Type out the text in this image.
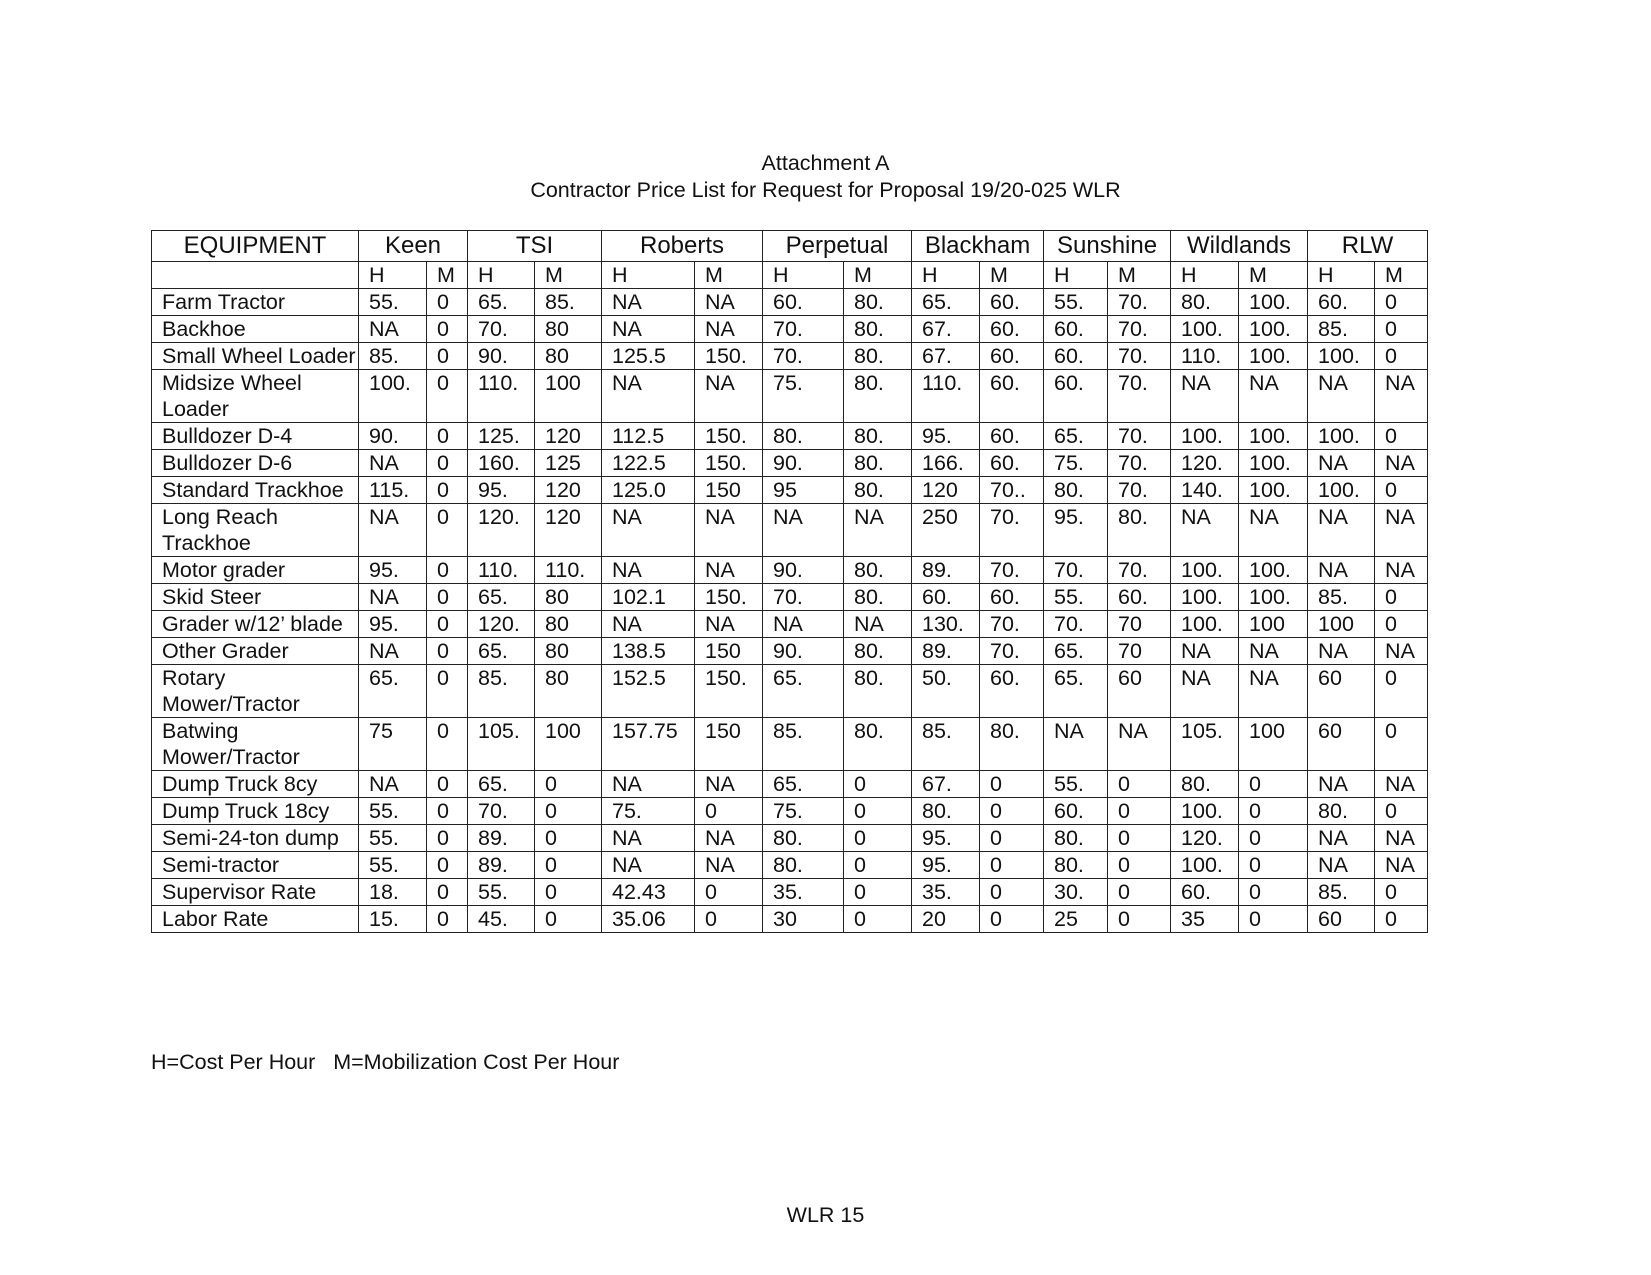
Attachment A
Contractor Price List for Request for Proposal 19/20-025 WLR
EQUIPMENT	Keen		TSI		Roberts		Perpetual		Blackham		Sunshine		Wildlands		RLW	
	H	M	H	M	H	M	H	M	H	M	H	M	H	M	H	M
Farm Tractor	55.	0	65.	85.	NA	NA	60.	80.	65.	60.	55.	70.	80.	100.	60.	0
Backhoe	NA	0	70.	80	NA	NA	70.	80.	67.	60.	60.	70.	100.	100.	85.	0
Small Wheel Loader	85.	0	90.	80	125.5	150.	70.	80.	67.	60.	60.	70.	110.	100.	100.	0
Midsize Wheel Loader	100.	0	110.	100	NA	NA	75.	80.	110.	60.	60.	70.	NA	NA	NA	NA
Bulldozer D-4	90.	0	125.	120	112.5	150.	80.	80.	95.	60.	65.	70.	100.	100.	100.	0
Bulldozer D-6	NA	0	160.	125	122.5	150.	90.	80.	166.	60.	75.	70.	120.	100.	NA	NA
Standard Trackhoe	115.	0	95.	120	125.0	150	95	80.	120	70..	80.	70.	140.	100.	100.	0
Long Reach Trackhoe	NA	0	120.	120	NA	NA	NA	NA	250	70.	95.	80.	NA	NA	NA	NA
Motor grader	95.	0	110.	110.	NA	NA	90.	80.	89.	70.	70.	70.	100.	100.	NA	NA
Skid Steer	NA	0	65.	80	102.1	150.	70.	80.	60.	60.	55.	60.	100.	100.	85.	0
Grader w/12’ blade	95.	0	120.	80	NA	NA	NA	NA	130.	70.	70.	70	100.	100	100	0
Other Grader	NA	0	65.	80	138.5	150	90.	80.	89.	70.	65.	70	NA	NA	NA	NA
Rotary Mower/Tractor	65.	0	85.	80	152.5	150.	65.	80.	50.	60.	65.	60	NA	NA	60	0
Batwing Mower/Tractor	75	0	105.	100	157.75	150	85.	80.	85.	80.	NA	NA	105.	100	60	0
Dump Truck 8cy	NA	0	65.	0	NA	NA	65.	0	67.	0	55.	0	80.	0	NA	NA
Dump Truck 18cy	55.	0	70.	0	75.	0	75.	0	80.	0	60.	0	100.	0	80.	0
Semi-24-ton dump	55.	0	89.	0	NA	NA	80.	0	95.	0	80.	0	120.	0	NA	NA
Semi-tractor	55.	0	89.	0	NA	NA	80.	0	95.	0	80.	0	100.	0	NA	NA
Supervisor Rate	18.	0	55.	0	42.43	0	35.	0	35.	0	30.	0	60.	0	85.	0
Labor Rate	15.	0	45.	0	35.06	0	30	0	20	0	25	0	35	0	60	0
H=Cost Per Hour   M=Mobilization Cost Per Hour
WLR 15
